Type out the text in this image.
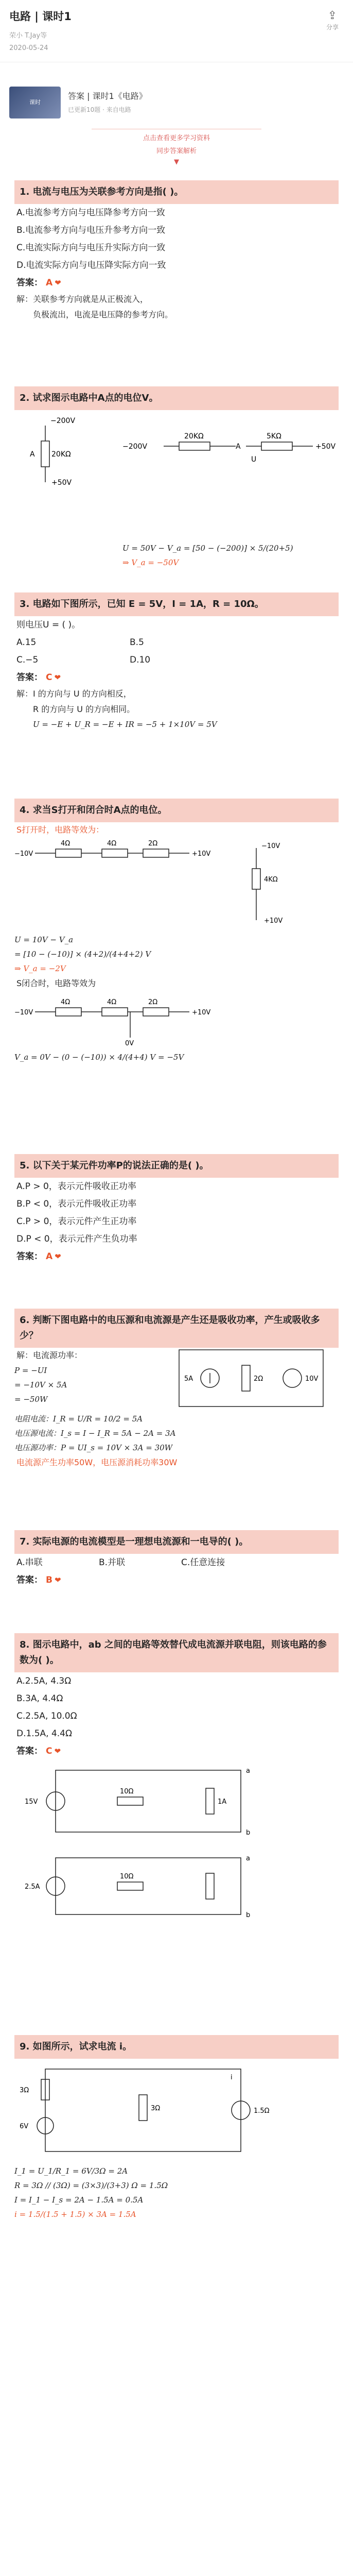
电路 | 课时1
荣小 T.Jay等
2020-05-24
⇪
分享
课时
答案 | 课时1《电路》
已更新10题 · 来自电路
点击查看更多学习资料
同步答案解析
▼
1. 电流与电压为关联参考方向是指( )。
A.电流参考方向与电压降参考方向一致
B.电流参考方向与电压升参考方向一致
C.电流实际方向与电压升实际方向一致
D.电流实际方向与电压降实际方向一致
答案： A ❤
解：关联参考方向就是从正极流入，
负极流出，电流是电压降的参考方向。
2. 试求图示电路中A点的电位V。
−200V
20KΩ
+50V
A
−200V
20KΩ	5KΩ
+50V
U
A
U = 50V − V_a = [50 − (−200)] × 5/(20+5)
⇒ V_a = −50V
3. 电路如下图所示，已知 E = 5V，I = 1A，R = 10Ω。
则电压U = ( )。
A.15	B.5
C.−5	D.10
答案： C ❤
解：I 的方向与 U 的方向相反，
R 的方向与 U 的方向相同。
U = −E + U_R = −E + IR = −5 + 1×10V = 5V
4. 求当S打开和闭合时A点的电位。
S打开时，电路等效为：
−10V
4Ω	4Ω	2Ω
+10V
−10V
4KΩ
+10V
U = 10V − V_a
= [10 − (−10)] × (4+2)/(4+4+2) V
⇒ V_a = −2V
S闭合时，电路等效为
−10V
4Ω	4Ω	2Ω
+10V
0V
V_a = 0V − (0 − (−10)) × 4/(4+4) V = −5V
5. 以下关于某元件功率P的说法正确的是( )。
A.P > 0，表示元件吸收正功率
B.P < 0，表示元件吸收正功率
C.P > 0，表示元件产生正功率
D.P < 0，表示元件产生负功率
答案： A ❤
6. 判断下图电路中的电压源和电流源是产生还是吸收功率，产生或吸收多少？
解：电流源功率：
5A	2Ω	10V
P = −UI
= −10V × 5A
= −50W
电阻电流：I_R = U/R = 10/2 = 5A
电压源电流：I_s = I − I_R = 5A − 2A = 3A
电压源功率：P = UI_s = 10V × 3A = 30W
电流源产生功率50W，电压源消耗功率30W
7. 实际电源的电流模型是一理想电流源和一电导的( )。
A.串联	B.并联	C.任意连接
答案： B ❤
8. 图示电路中，ab 之间的电路等效替代成电流源并联电阻，则该电路的参数为( )。
A.2.5A, 4.3Ω
B.3A, 4.4Ω
C.2.5A, 10.0Ω
D.1.5A, 4.4Ω
答案： C ❤
15V
10Ω
1A
a
b
2.5A
10Ω
a
b
9. 如图所示，试求电流 i。
3Ω
6V
3Ω	1.5Ω
i
I_1 = U_1/R_1 = 6V/3Ω = 2A
R = 3Ω // (3Ω) = (3×3)/(3+3) Ω = 1.5Ω
I = I_1 − I_s = 2A − 1.5A = 0.5A
i = 1.5/(1.5 + 1.5) × 3A = 1.5A
